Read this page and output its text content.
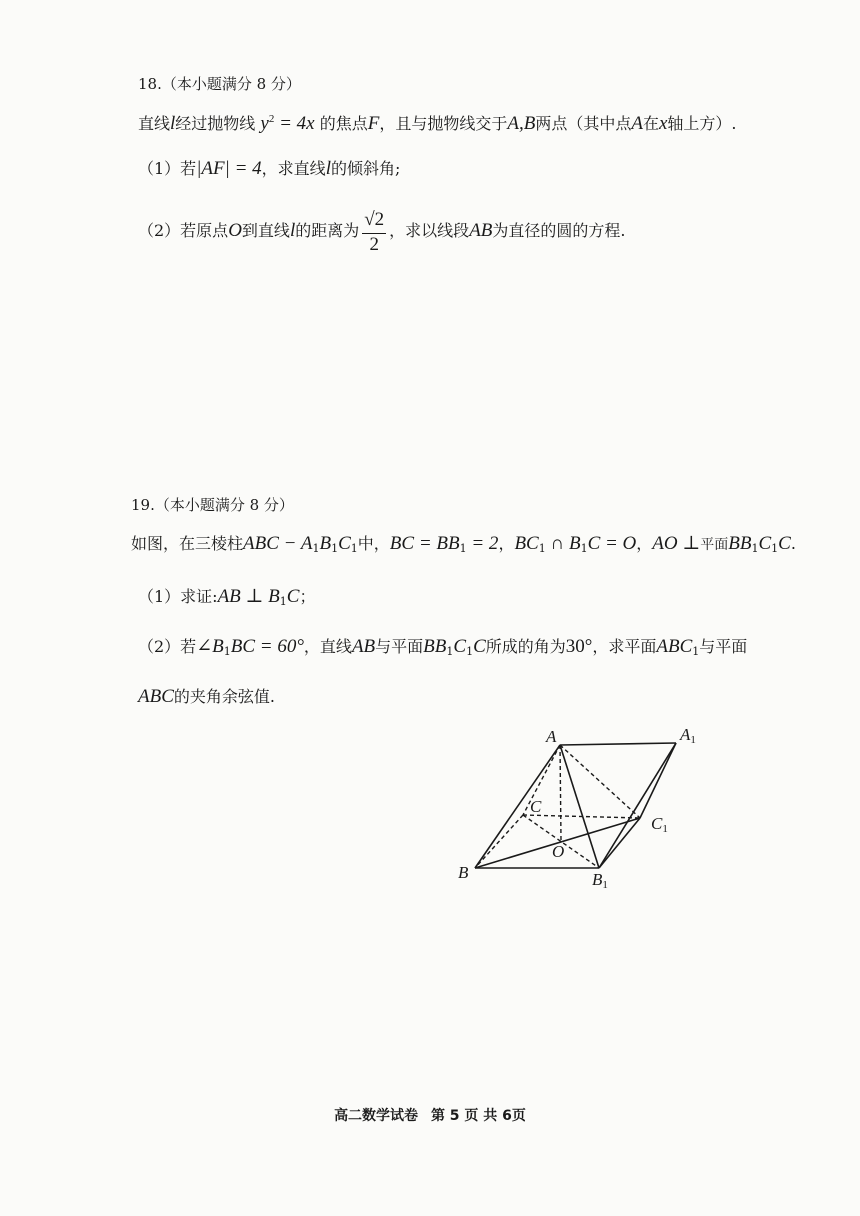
18.（本小题满分 8 分）
直线l经过抛物线 $y^2 = 4x$ 的焦点F，且与抛物线交于A,B两点（其中点A在x轴上方）.
（1）若|AF| = 4，求直线l的倾斜角;
（2）若原点O到直线l的距离为 $\frac{√2}{2}$ ，求以线段AB为直径的圆的方程.
19.（本小题满分 8 分）
如图，在三棱柱ABC − $A_1B_1C_1$中，BC = $BB_1 = 2$，$BC_1$ ∩ $B_1C = O$，AO ⊥平面$BB_1C_1C$.
（1）求证:AB ⊥ $B_1C$；
（2）若$\angle B_1BC = 60^\circ$，直线AB与平面$BB_1C_1C$所成的角为30°，求平面$ABC_1$与平面
ABC的夹角余弦值.
A	A1
C
C1
O
B	B1
高二数学试卷 第 5 页 共 6页
